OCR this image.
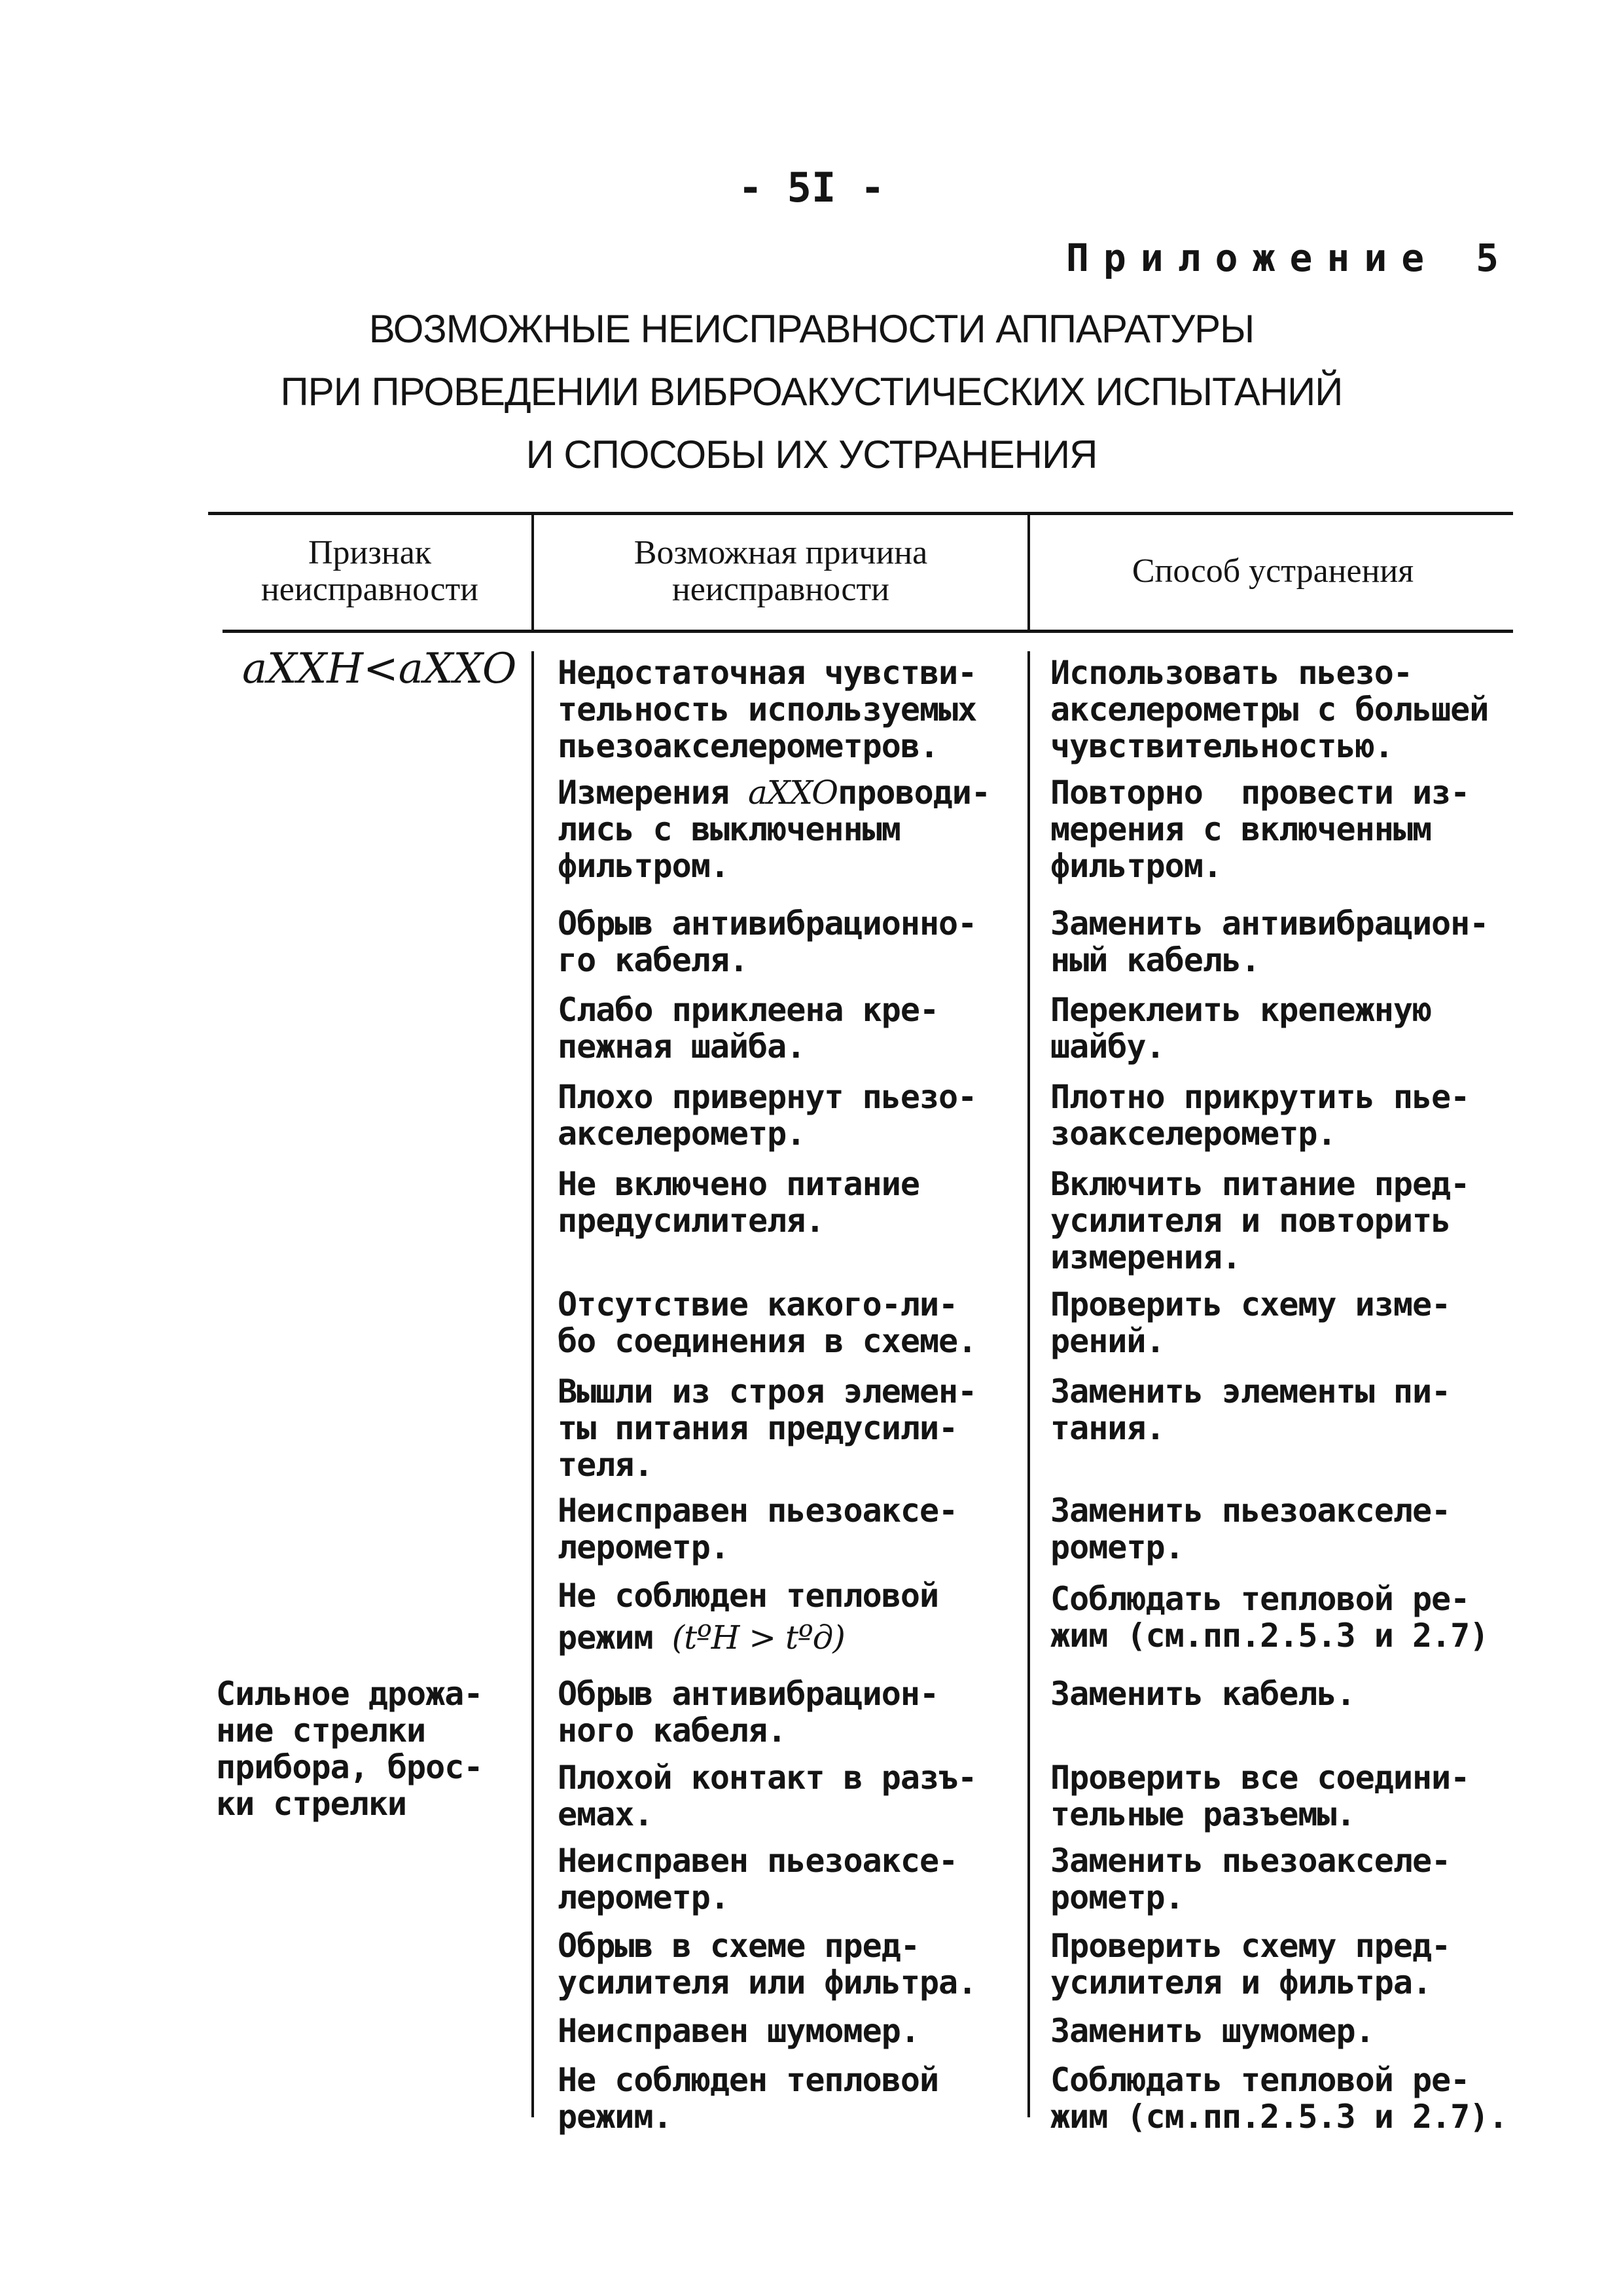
- 5I -
Приложение 5
ВОЗМОЖНЫЕ НЕИСПРАВНОСТИ АППАРАТУРЫ
ПРИ ПРОВЕДЕНИИ ВИБРОАКУСТИЧЕСКИХ ИСПЫТАНИЙ
И СПОСОБЫ ИХ УСТРАНЕНИЯ
Признак
неисправности
Возможная причина
неисправности	Способ устранения
aXXH<aXXO
Сильное дрожа-
ние стрелки
прибора, брос-
ки стрелки
Недостаточная чувстви-
тельность используемых
пьезоакселерометров.
Измерения aXXOпроводи-
лись с выключенным
фильтром.
Обрыв антивибрационно-
го кабеля.
Слабо приклеена кре-
пежная шайба.
Плохо привернут пьезо-
акселерометр.
Не включено питание
предусилителя.
Отсутствие какого-ли-
бо соединения в схеме.
Вышли из строя элемен-
ты питания предусили-
теля.
Неисправен пьезоаксе-
лерометр.
Не соблюден тепловой
режим (tºH > tºд)
Обрыв антивибрацион-
ного кабеля.
Плохой контакт в разъ-
емах.
Неисправен пьезоаксе-
лерометр.
Обрыв в схеме пред-
усилителя или фильтра.
Неисправен шумомер.
Не соблюден тепловой
режим.
Использовать пьезо-
акселерометры с большей
чувствительностью.
Повторно  провести из-
мерения с включенным
фильтром.
Заменить антивибрацион-
ный кабель.
Переклеить крепежную
шайбу.
Плотно прикрутить пье-
зоакселерометр.
Включить питание пред-
усилителя и повторить
измерения.
Проверить схему изме-
рений.
Заменить элементы пи-
тания.
Заменить пьезоакселе-
рометр.
Соблюдать тепловой ре-
жим (см.пп.2.5.3 и 2.7)
Заменить кабель.
Проверить все соедини-
тельные разъемы.
Заменить пьезоакселе-
рометр.
Проверить схему пред-
усилителя и фильтра.
Заменить шумомер.
Соблюдать тепловой ре-
жим (см.пп.2.5.3 и 2.7).
